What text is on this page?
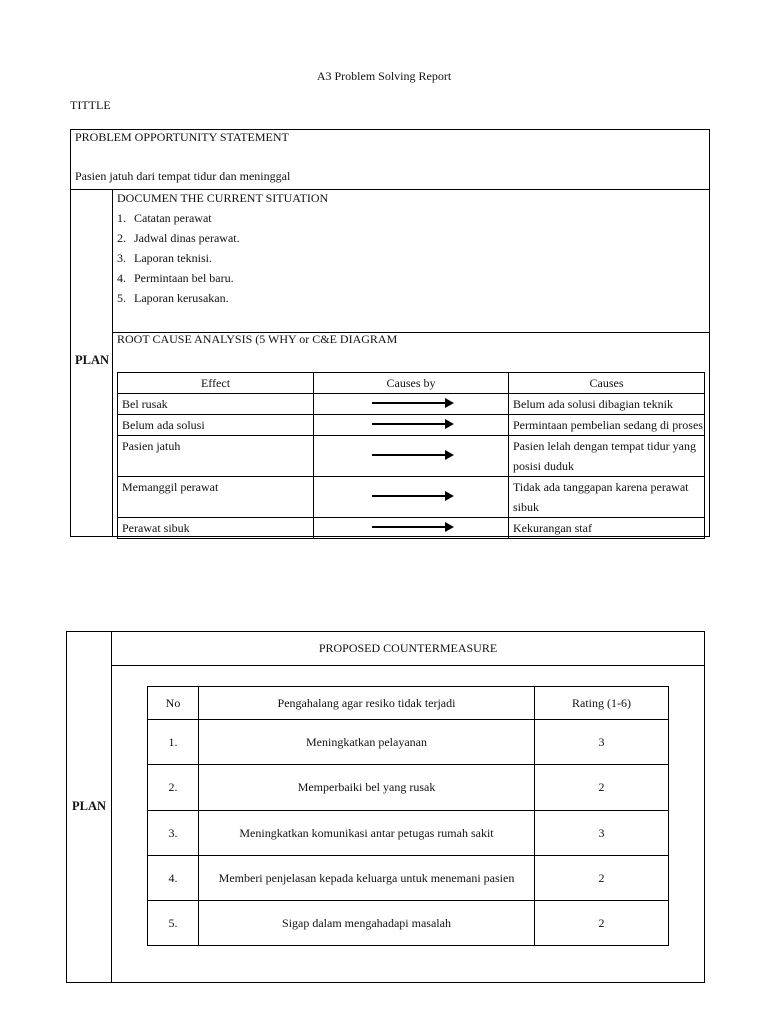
A3 Problem Solving Report
TITTLE
PROBLEM OPPORTUNITY STATEMENT
Pasien jatuh dari tempat tidur dan meninggal
PLAN
DOCUMEN THE CURRENT SITUATION
1. Catatan perawat
2. Jadwal dinas perawat.
3. Laporan teknisi.
4. Permintaan bel baru.
5. Laporan kerusakan.
ROOT CAUSE ANALYSIS (5 WHY or C&E DIAGRAM
Effect	Causes by	Causes
Bel rusak		Belum ada solusi dibagian teknik
Belum ada solusi		Permintaan pembelian sedang di proses
Pasien jatuh		Pasien lelah dengan tempat tidur yang posisi duduk
Memanggil perawat		Tidak ada tanggapan karena perawat sibuk
Perawat sibuk		Kekurangan staf
PROPOSED COUNTERMEASURE
PLAN
No	Pengahalang agar resiko tidak terjadi	Rating (1-6)
1.	Meningkatkan pelayanan	3
2.	Memperbaiki bel yang rusak	2
3.	Meningkatkan komunikasi antar petugas rumah sakit	3
4.	Memberi penjelasan kepada keluarga untuk menemani pasien	2
5.	Sigap dalam mengahadapi masalah	2
